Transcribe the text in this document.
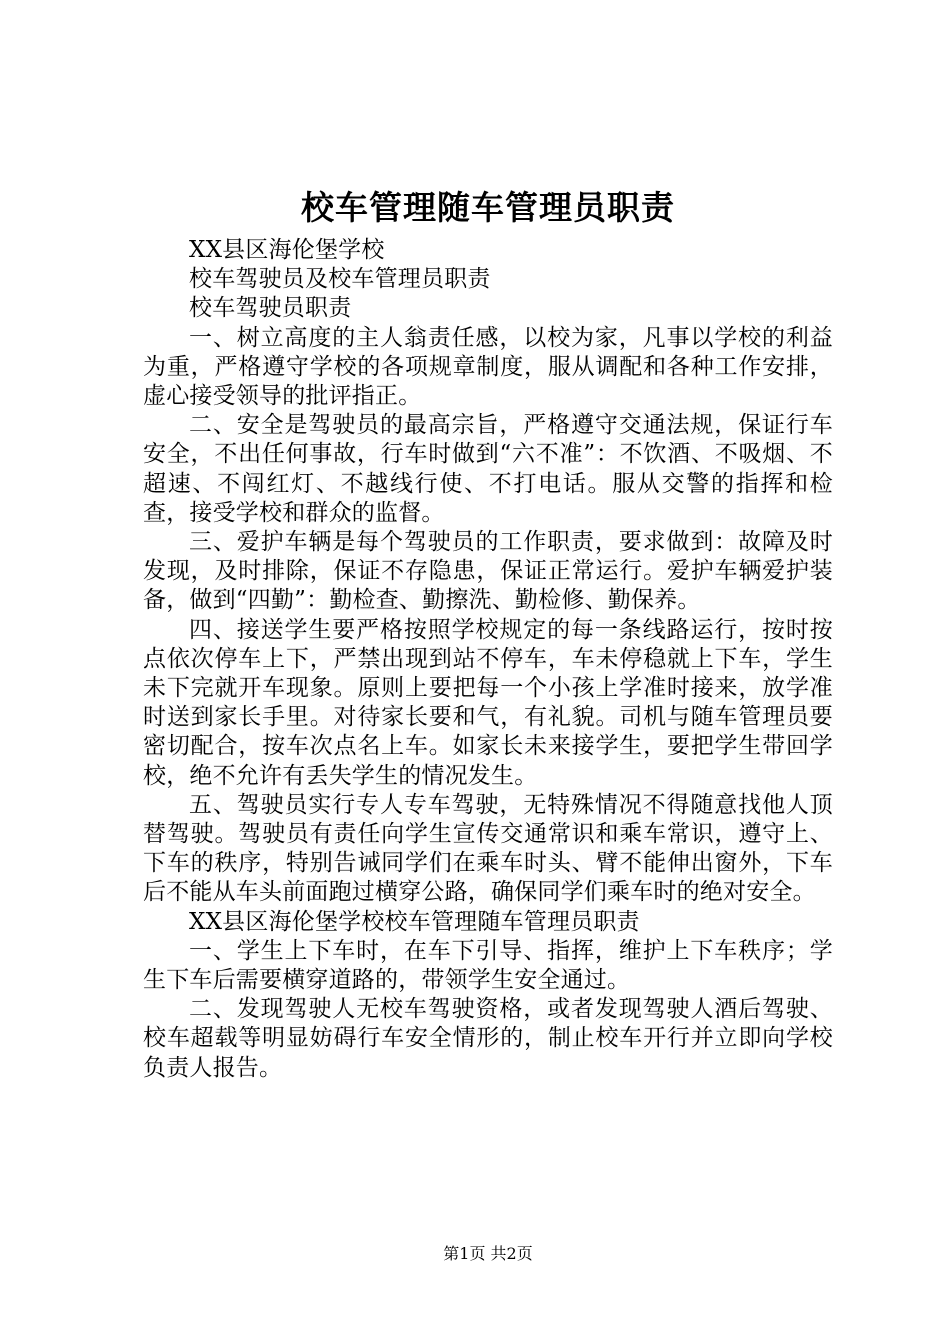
校车管理随车管理员职责

XX县区海伦堡学校

校车驾驶员及校车管理员职责

校车驾驶员职责

一、树立高度的主人翁责任感，以校为家，凡事以学校的利益为重，严格遵守学校的各项规章制度，服从调配和各种工作安排，虚心接受领导的批评指正。

二、安全是驾驶员的最高宗旨，严格遵守交通法规，保证行车安全，不出任何事故，行车时做到“六不准”：不饮酒、不吸烟、不超速、不闯红灯、不越线行使、不打电话。服从交警的指挥和检查，接受学校和群众的监督。

三、爱护车辆是每个驾驶员的工作职责，要求做到：故障及时发现，及时排除，保证不存隐患，保证正常运行。爱护车辆爱护装备，做到“四勤”：勤检查、勤擦洗、勤检修、勤保养。

四、接送学生要严格按照学校规定的每一条线路运行，按时按点依次停车上下，严禁出现到站不停车，车未停稳就上下车，学生未下完就开车现象。原则上要把每一个小孩上学准时接来，放学准时送到家长手里。对待家长要和气，有礼貌。司机与随车管理员要密切配合，按车次点名上车。如家长未来接学生，要把学生带回学校，绝不允许有丢失学生的情况发生。

五、驾驶员实行专人专车驾驶，无特殊情况不得随意找他人顶替驾驶。驾驶员有责任向学生宣传交通常识和乘车常识，遵守上、下车的秩序，特别告诫同学们在乘车时头、臂不能伸出窗外，下车后不能从车头前面跑过横穿公路，确保同学们乘车时的绝对安全。

XX县区海伦堡学校校车管理随车管理员职责

一、学生上下车时，在车下引导、指挥，维护上下车秩序；学生下车后需要横穿道路的，带领学生安全通过。

二、发现驾驶人无校车驾驶资格，或者发现驾驶人酒后驾驶、校车超载等明显妨碍行车安全情形的，制止校车开行并立即向学校负责人报告。

第1页 共2页
